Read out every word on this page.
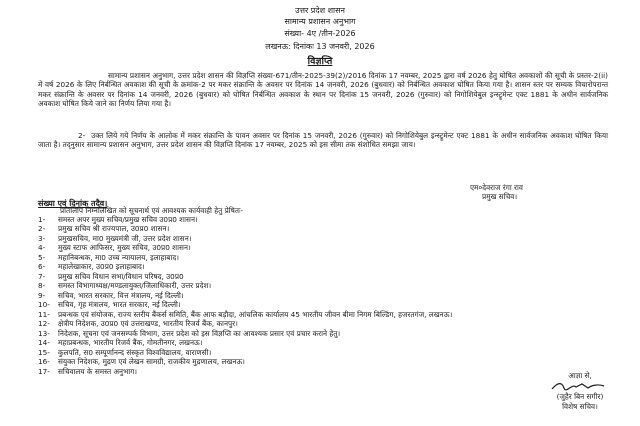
उत्तर प्रदेश शासन
सामान्य प्रशासन अनुभाग
संख्या- 4ए /तीन-2026
लखनऊ: दिनांकः 13 जनवरी, 2026
विज्ञप्ति
सामान्य प्रशासन अनुभाग, उत्तर प्रदेश शासन की विज्ञप्ति संख्या-671/तीन-2025-39(2)/2016 दिनांक 17 नवम्बर, 2025 द्वारा वर्ष 2026 हेतु घोषित अवकाशों की सूची के प्रस्तर-2(ii) में वर्ष 2026 के लिए निर्बन्धित अवकाश की सूची के क्रमांक-2 पर मकर संक्रान्ति के अवसर पर दिनांक 14 जनवरी, 2026 (बुधवार) को निर्बन्धित अवकाश घोषित किया गया है। शासन स्तर पर सम्यक विचारोपरान्त मकर संक्रान्ति के अवसर पर दिनांक 14 जनवरी, 2026 (बुधवार) को घोषित निर्बन्धित अवकाश के स्थान पर दिनांक 15 जनवरी, 2026 (गुरुवार) को निगोशियेबुल इन्स्ट्रूमेन्ट एक्ट 1881 के अधीन सार्वजनिक अवकाश घोषित किये जाने का निर्णय लिया गया है।
2- उक्त लिये गये निर्णय के आलोक में मकर संक्रान्ति के पावन अवसर पर दिनांक 15 जनवरी, 2026 (गुरुवार) को निगोशियेबुल इन्स्ट्रूमेन्ट एक्ट 1881 के अधीन सार्वजनिक अवकाश घोषित किया जाता है। तद्नुसार सामान्य प्रशासन अनुभाग, उत्तर प्रदेश शासन की विज्ञप्ति दिनांक 17 नवम्बर, 2025 को इस सीमा तक संशोधित समझा जाय।
एम०देवराज रंगा राव
प्रमुख सचिव।
संख्या एवं दिनांक तदैव।
प्रतिलिपि निम्नलिखित को सूचनार्थ एवं आवश्यक कार्यवाही हेतु प्रेषितः-
1-	समस्त अपर मुख्य सचिव/प्रमुख सचिव उ0प्र0 शासन।
2-	प्रमुख सचिव श्री राज्यपाल, उ0प्र0 शासन।
3-	प्रमुखसचिव, मा0 मुख्यमंत्री जी, उत्तर प्रदेश शासन।
4-	मुख्य स्टाफ आफिसर, मुख्य सचिव, उ0प्र0 शासन।
5-	महानिबन्धक, मा0 उच्च न्यायालय, इलाहाबाद।
6-	महालेखाकार, उ0प्र0 इलाहाबाद।
7-	प्रमुख सचिव विधान सभा/विधान परिषद, उ0प्र0
8-	समस्त विभागाध्यक्ष/मण्डलायुक्त/जिलाधिकारी, उत्तर प्रदेश।
9-	सचिव, भारत सरकार, वित्त मंत्रालय, नई दिल्ली।
10-	सचिव, गृह मंत्रालय, भारत सरकार, नई दिल्ली।
11-	प्रबन्धक एवं संयोजक, राज्य स्तरीय बैंकर्स समिति, बैंक आफ बड़ौदा, आंचलिक कार्यालय 45 भारतीय जीवन बीमा निगम बिल्डिंग, हजरतगंज, लखनऊ।
12-	क्षेत्रीय निदेशक, उ0प्र0 एवं उत्तराखण्ड, भारतीय रिजर्व बैंक, कानपुर।
13-	निदेशक, सूचना एवं जनसम्पर्क विभाग, उत्तर प्रदेश को इस विज्ञप्ति का आवश्यक प्रसार एवं प्रचार कराने हेतु।
14-	महाप्रबन्धक, भारतीय रिजर्व बैंक, गोमतीनगर, लखनऊ।
15-	कुलपति, स0 सम्पूर्णानन्द संस्कृत विश्वविद्यालय, वाराणसी।
16-	संयुक्त निदेशक, मुद्रण एवं लेखन सामग्री, राजकीय मुद्रणालय, लखनऊ।
17-	सचिवालय के समस्त अनुभाग।	आज्ञा से,
(जुहैर बिन सगीर)
विशेष सचिव।
